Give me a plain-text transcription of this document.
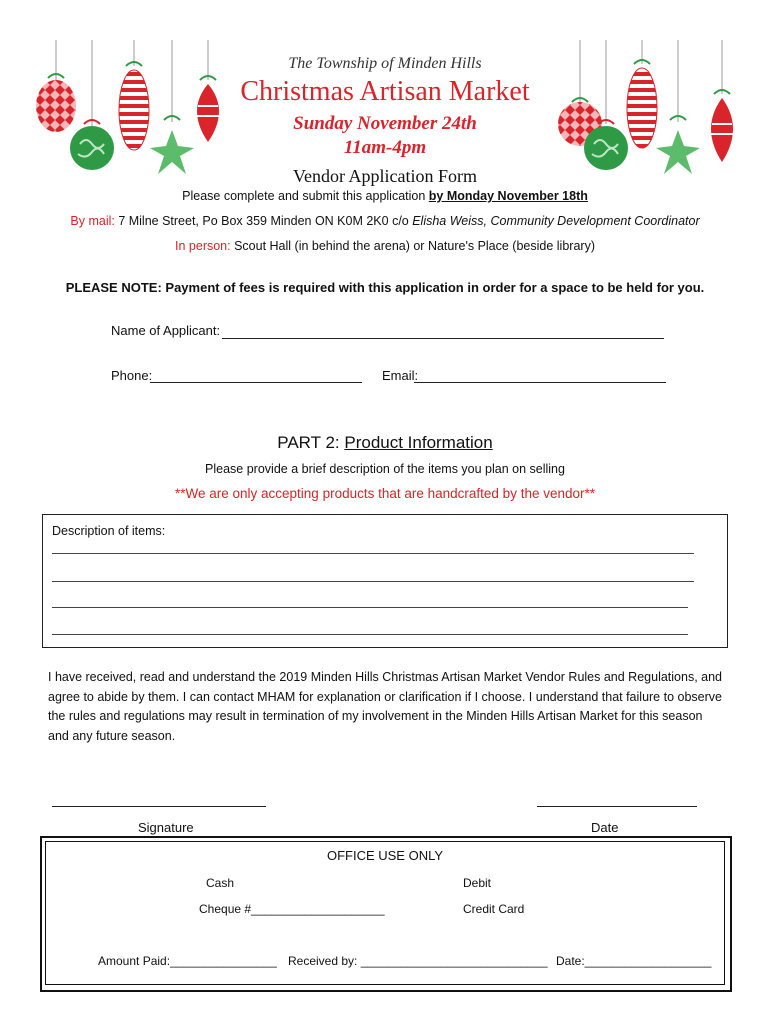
The Township of Minden Hills
Christmas Artisan Market
Sunday November 24th
11am-4pm
Vendor Application Form
Please complete and submit this application by Monday November 18th
By mail: 7 Milne Street, Po Box 359 Minden ON K0M 2K0 c/o Elisha Weiss, Community Development Coordinator
In person: Scout Hall (in behind the arena) or Nature's Place (beside library)
PLEASE NOTE: Payment of fees is required with this application in order for a space to be held for you.
Name of Applicant:
Phone:	Email:
PART 2: Product Information
Please provide a brief description of the items you plan on selling
**We are only accepting products that are handcrafted by the vendor**
Description of items:
I have received, read and understand the 2019 Minden Hills Christmas Artisan Market Vendor Rules and Regulations, and agree to abide by them. I can contact MHAM for explanation or clarification if I choose. I understand that failure to observe the rules and regulations may result in termination of my involvement in the Minden Hills Artisan Market for this season and any future season.
Signature	Date
OFFICE USE ONLY
Cash	Debit
Cheque #____________________	Credit Card
Amount Paid:________________ Received by: ____________________________ Date:___________________
